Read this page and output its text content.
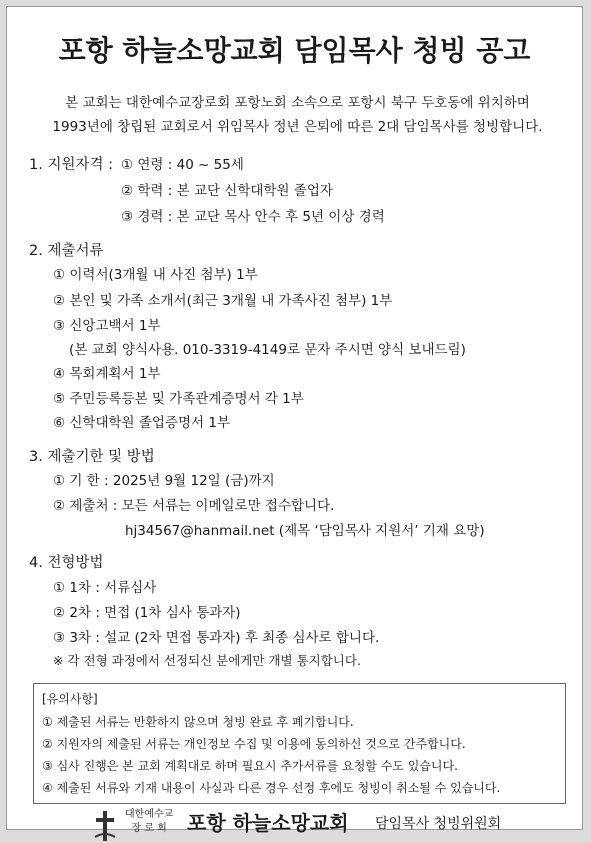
포항 하늘소망교회 담임목사 청빙 공고
본 교회는 대한예수교장로회 포항노회 소속으로 포항시 북구 두호동에 위치하며
1993년에 창립된 교회로서 위임목사 정년 은퇴에 따른 2대 담임목사를 청빙합니다.
1. 지원자격 : ① 연령 : 40 ~ 55세
② 학력 : 본 교단 신학대학원 졸업자
③ 경력 : 본 교단 목사 안수 후 5년 이상 경력
2. 제출서류
① 이력서(3개월 내 사진 첨부) 1부
② 본인 및 가족 소개서(최근 3개월 내 가족사진 첨부) 1부
③ 신앙고백서 1부
(본 교회 양식사용. 010-3319-4149로 문자 주시면 양식 보내드림)
④ 목회계획서 1부
⑤ 주민등록등본 및 가족관계증명서 각 1부
⑥ 신학대학원 졸업증명서 1부
3. 제출기한 및 방법
① 기 한 : 2025년 9월 12일 (금)까지
② 제출처 : 모든 서류는 이메일로만 접수합니다.
hj34567@hanmail.net (제목 ‘담임목사 지원서’ 기재 요망)
4. 전형방법
① 1차 : 서류심사
② 2차 : 면접 (1차 심사 통과자)
③ 3차 : 설교 (2차 면접 통과자) 후 최종 심사로 합니다.
※ 각 전형 과정에서 선정되신 분에게만 개별 통지합니다.
[유의사항]
① 제출된 서류는 반환하지 않으며 청빙 완료 후 폐기합니다.
② 지원자의 제출된 서류는 개인정보 수집 및 이용에 동의하신 것으로 간주합니다.
③ 심사 진행은 본 교회 계획대로 하며 필요시 추가서류를 요청할 수도 있습니다.
④ 제출된 서류와 기재 내용이 사실과 다른 경우 선정 후에도 청빙이 취소될 수 있습니다.
대한예수교
장 로 회	포항 하늘소망교회 담임목사 청빙위원회
